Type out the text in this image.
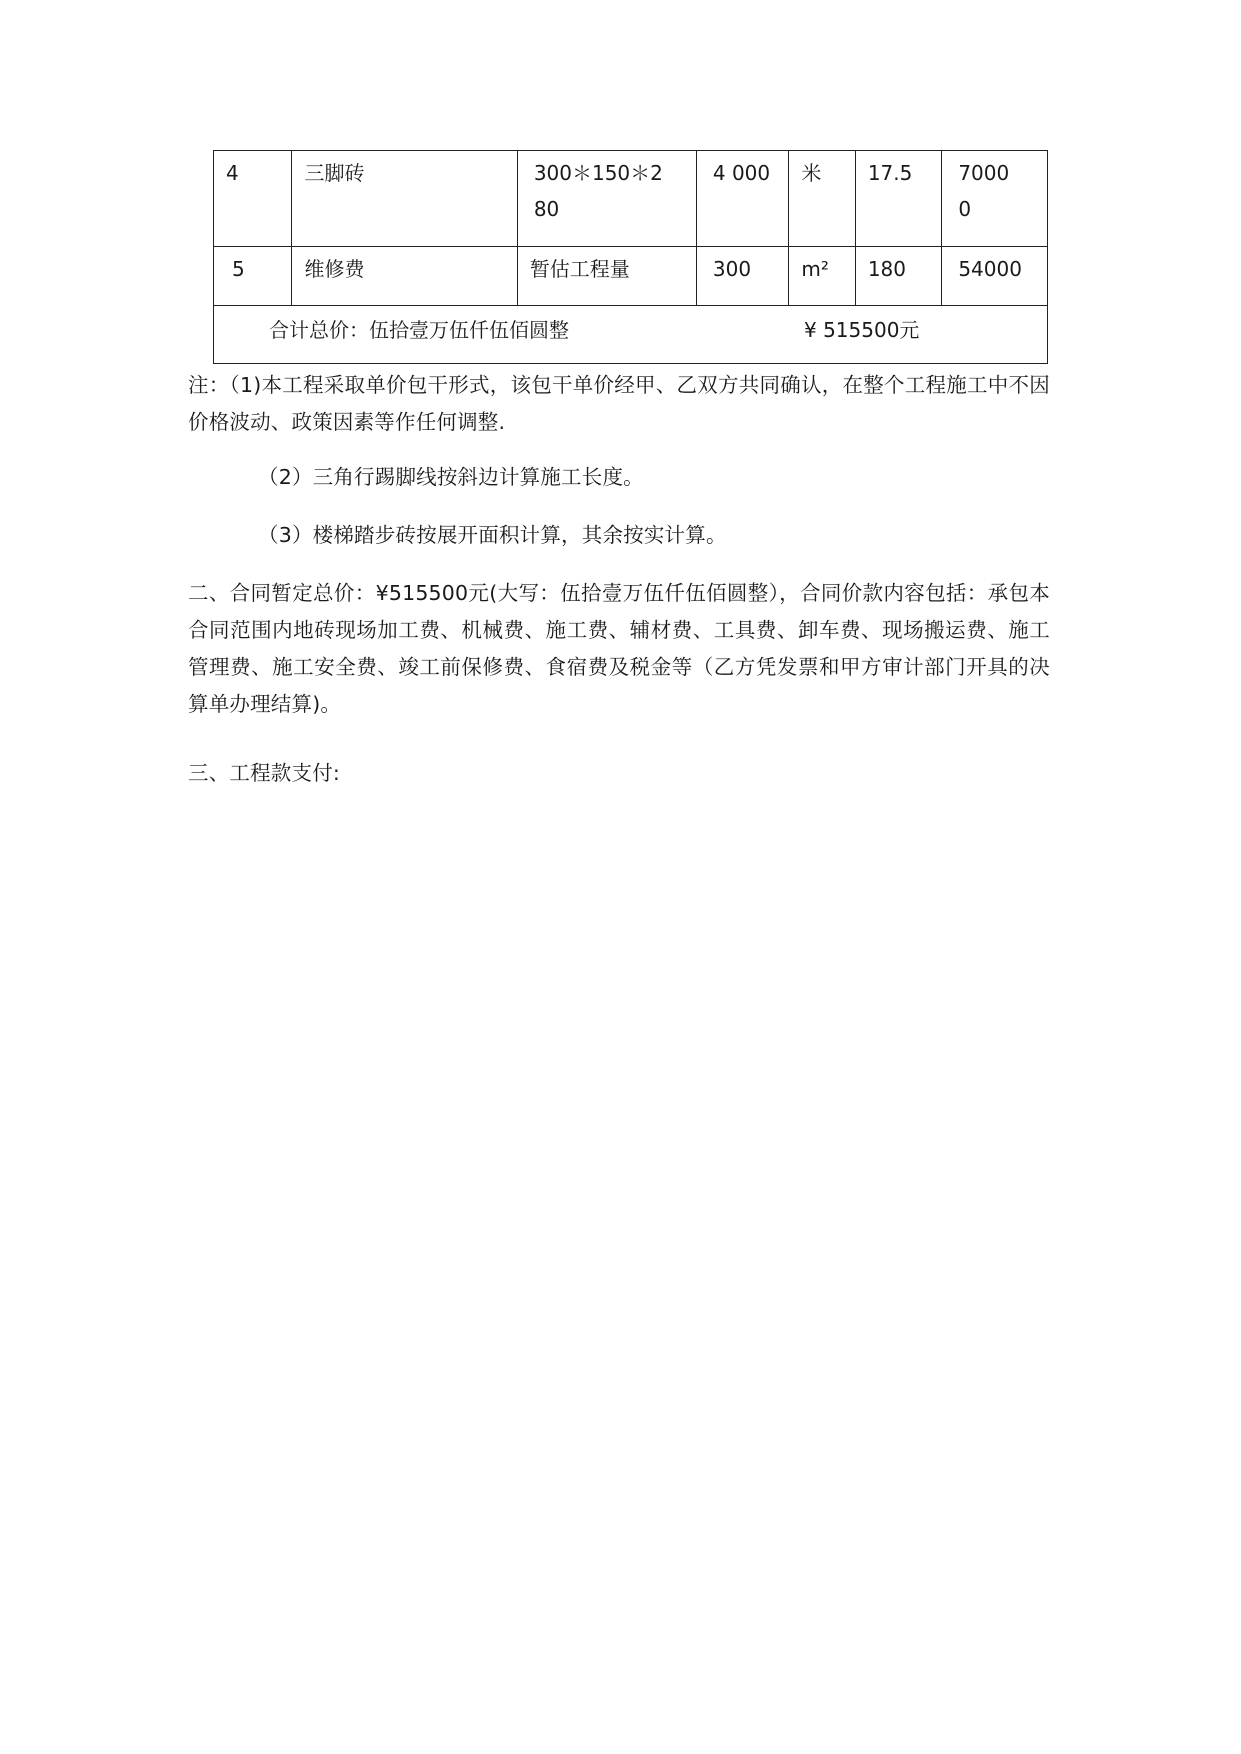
4	三脚砖	300＊150＊280	4 000	米	17.5	70000

5	维修费	暂估工程量	300	m²	180	54000

合计总价：伍拾壹万伍仟伍佰圆整 ¥ 515500元						

注：（1)本工程采取单价包干形式，该包干单价经甲、乙双方共同确认，在整个工程施工中不因价格波动、政策因素等作任何调整.

（2）三角行踢脚线按斜边计算施工长度。

（3）楼梯踏步砖按展开面积计算，其余按实计算。

二、合同暂定总价：¥515500元(大写：伍拾壹万伍仟伍佰圆整），合同价款内容包括：承包本合同范围内地砖现场加工费、机械费、施工费、辅材费、工具费、卸车费、现场搬运费、施工管理费、施工安全费、竣工前保修费、食宿费及税金等（乙方凭发票和甲方审计部门开具的决算单办理结算)。

三、工程款支付:
